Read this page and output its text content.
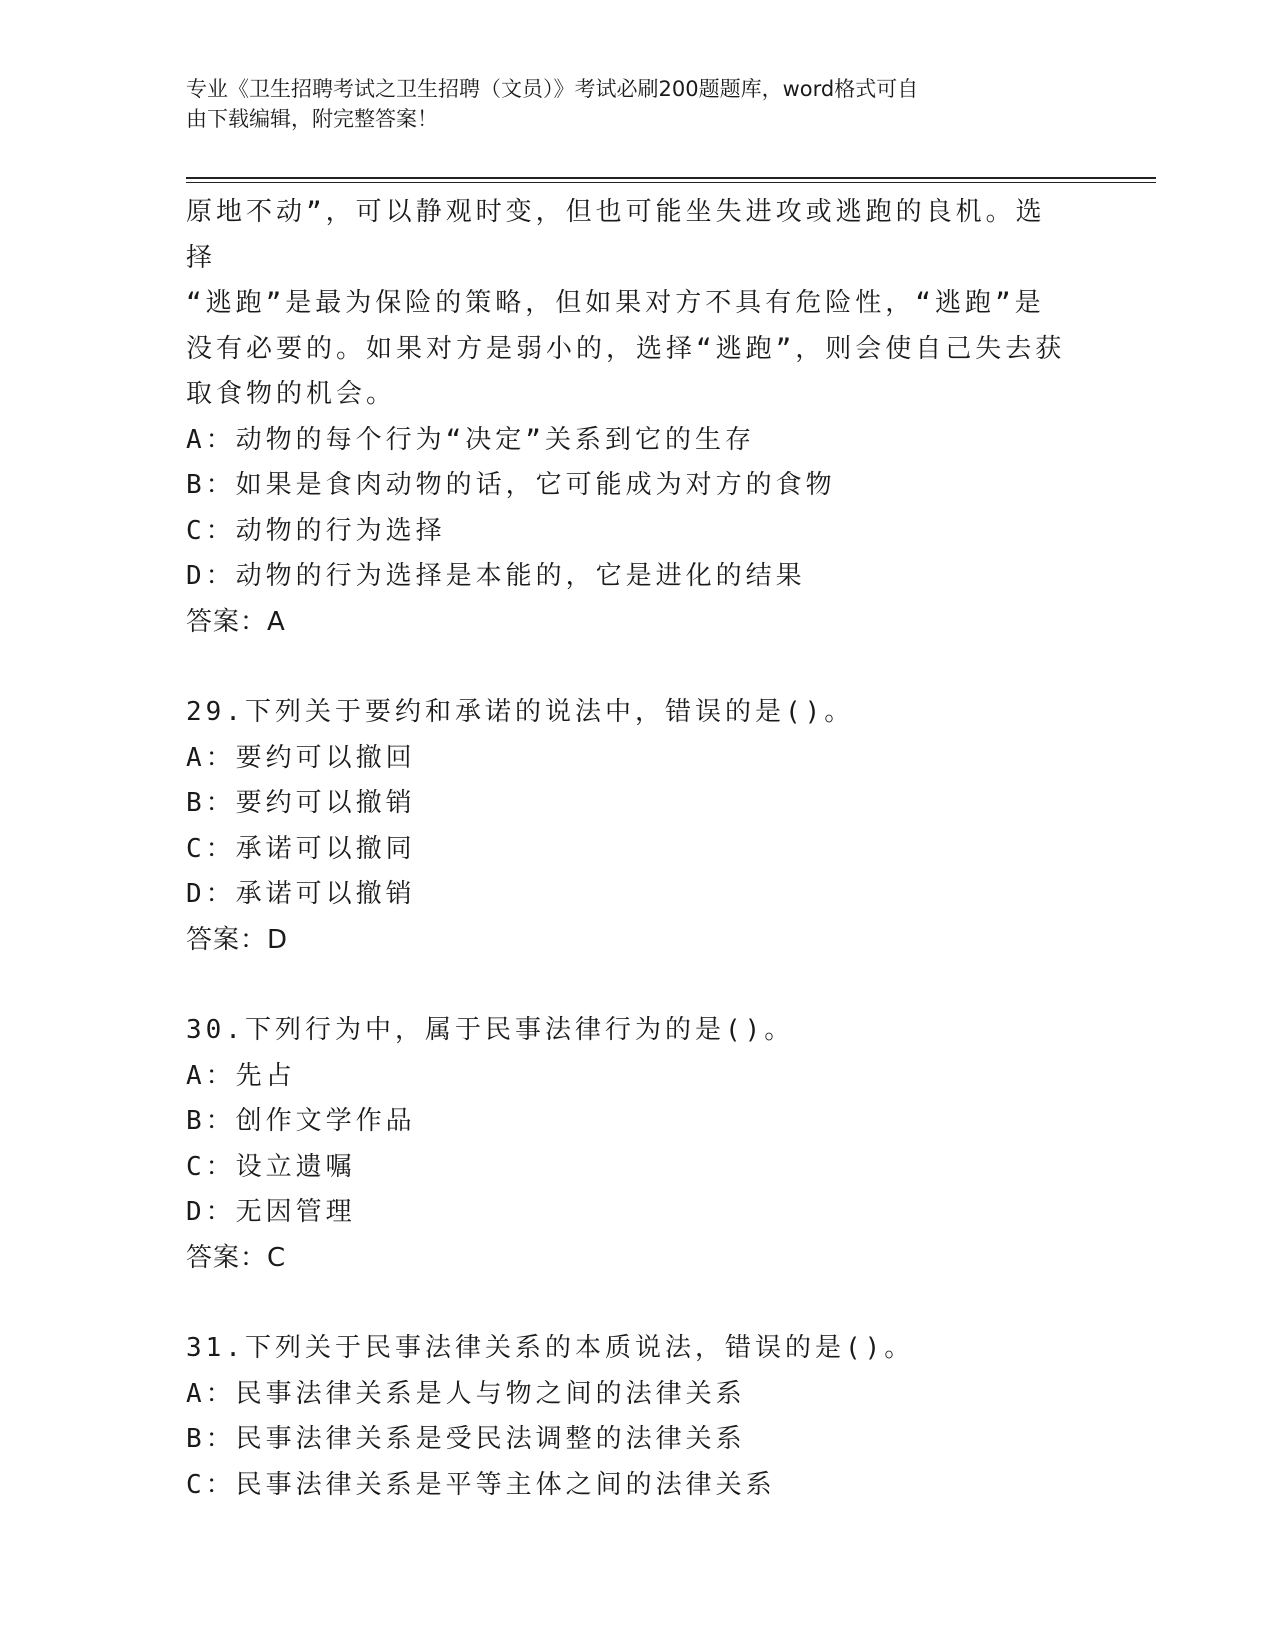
专业《卫生招聘考试之卫生招聘（文员）》考试必刷200题题库，word格式可自
由下载编辑，附完整答案！

原地不动”，可以静观时变，但也可能坐失进攻或逃跑的良机。选择

“逃跑”是最为保险的策略，但如果对方不具有危险性，“逃跑”是

没有必要的。如果对方是弱小的，选择“逃跑”，则会使自己失去获

取食物的机会。

A：动物的每个行为“决定”关系到它的生存

B：如果是食肉动物的话，它可能成为对方的食物

C：动物的行为选择

D：动物的行为选择是本能的，它是进化的结果

答案：A

29.下列关于要约和承诺的说法中，错误的是()。

A：要约可以撤回

B：要约可以撤销

C：承诺可以撤同

D：承诺可以撤销

答案：D

30.下列行为中，属于民事法律行为的是()。

A：先占

B：创作文学作品

C：设立遗嘱

D：无因管理

答案：C

31.下列关于民事法律关系的本质说法，错误的是()。

A：民事法律关系是人与物之间的法律关系

B：民事法律关系是受民法调整的法律关系

C：民事法律关系是平等主体之间的法律关系
